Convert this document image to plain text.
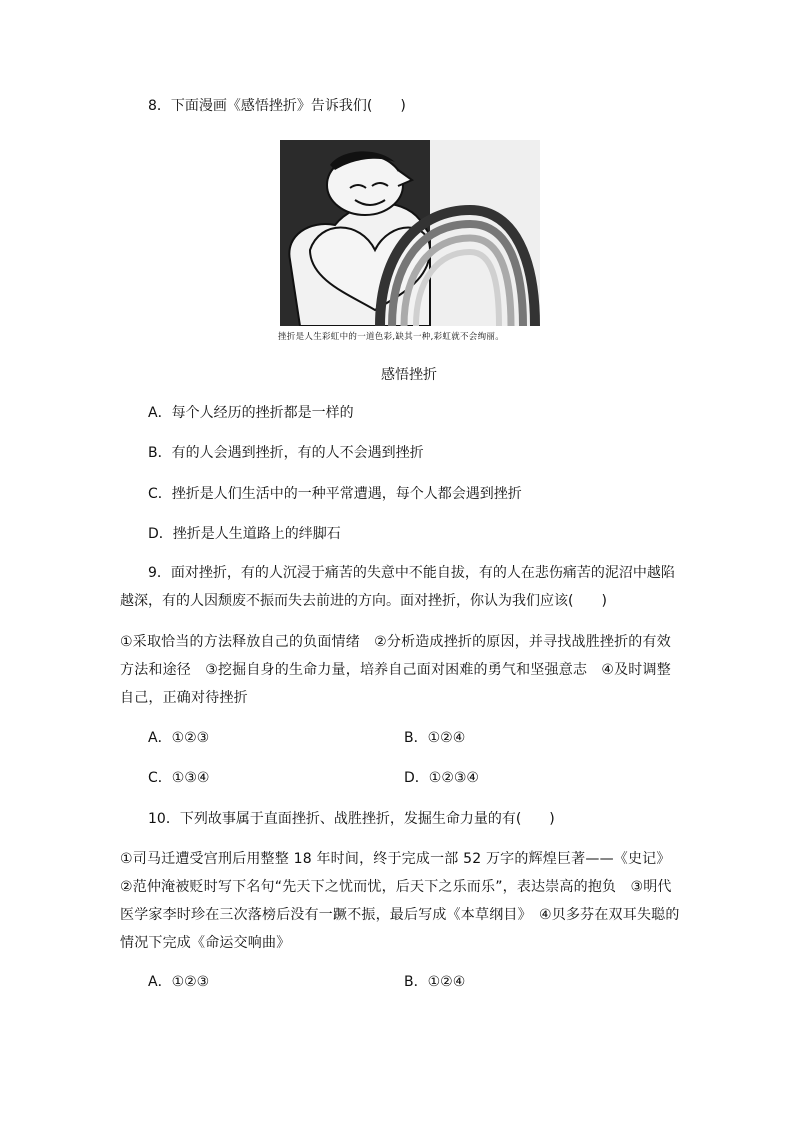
8．下面漫画《感悟挫折》告诉我们(　　)
挫折是人生彩虹中的一道色彩,缺其一种,彩虹就不会绚丽。
感悟挫折
A．每个人经历的挫折都是一样的
B．有的人会遇到挫折，有的人不会遇到挫折
C．挫折是人们生活中的一种平常遭遇，每个人都会遇到挫折
D．挫折是人生道路上的绊脚石
9．面对挫折，有的人沉浸于痛苦的失意中不能自拔，有的人在悲伤痛苦的泥沼中越陷
越深，有的人因颓废不振而失去前进的方向。面对挫折，你认为我们应该(　　)
①采取恰当的方法释放自己的负面情绪　②分析造成挫折的原因，并寻找战胜挫折的有效方法和途径　③挖掘自身的生命力量，培养自己面对困难的勇气和坚强意志　④及时调整自己，正确对待挫折
A．①②③	B．①②④
C．①③④	D．①②③④
10．下列故事属于直面挫折、战胜挫折，发掘生命力量的有(　　)
①司马迁遭受宫刑后用整整 18 年时间，终于完成一部 52 万字的辉煌巨著——《史记》②范仲淹被贬时写下名句“先天下之忧而忧，后天下之乐而乐”，表达崇高的抱负　③明代医学家李时珍在三次落榜后没有一蹶不振，最后写成《本草纲目》　④贝多芬在双耳失聪的情况下完成《命运交响曲》
A．①②③	B．①②④
